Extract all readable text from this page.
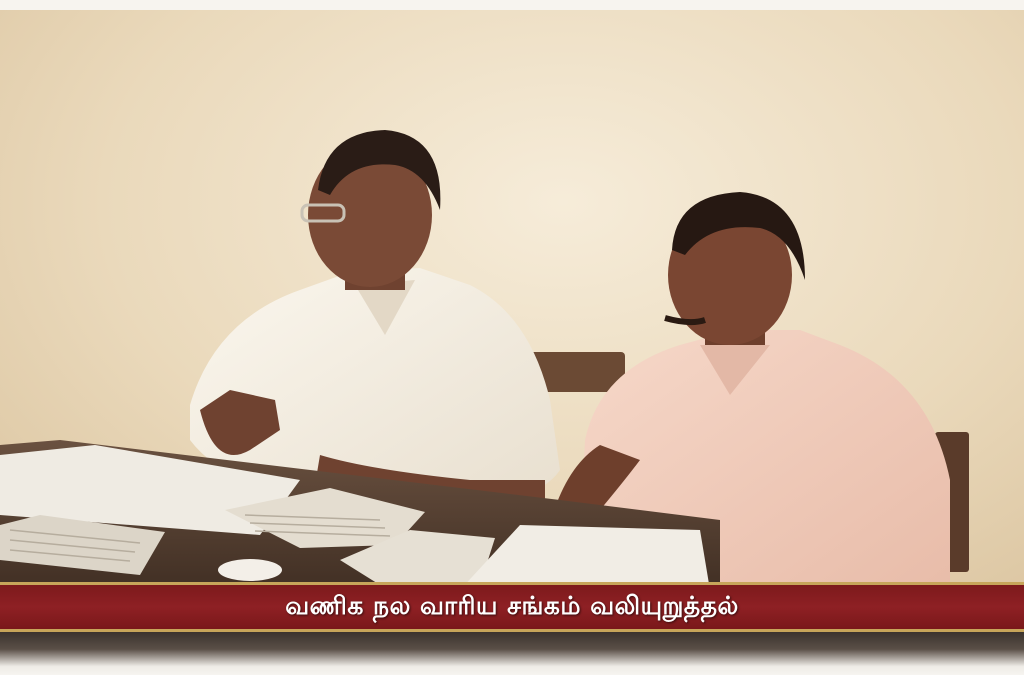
வணிக நல வாரிய சங்கம் வலியுறுத்தல்
